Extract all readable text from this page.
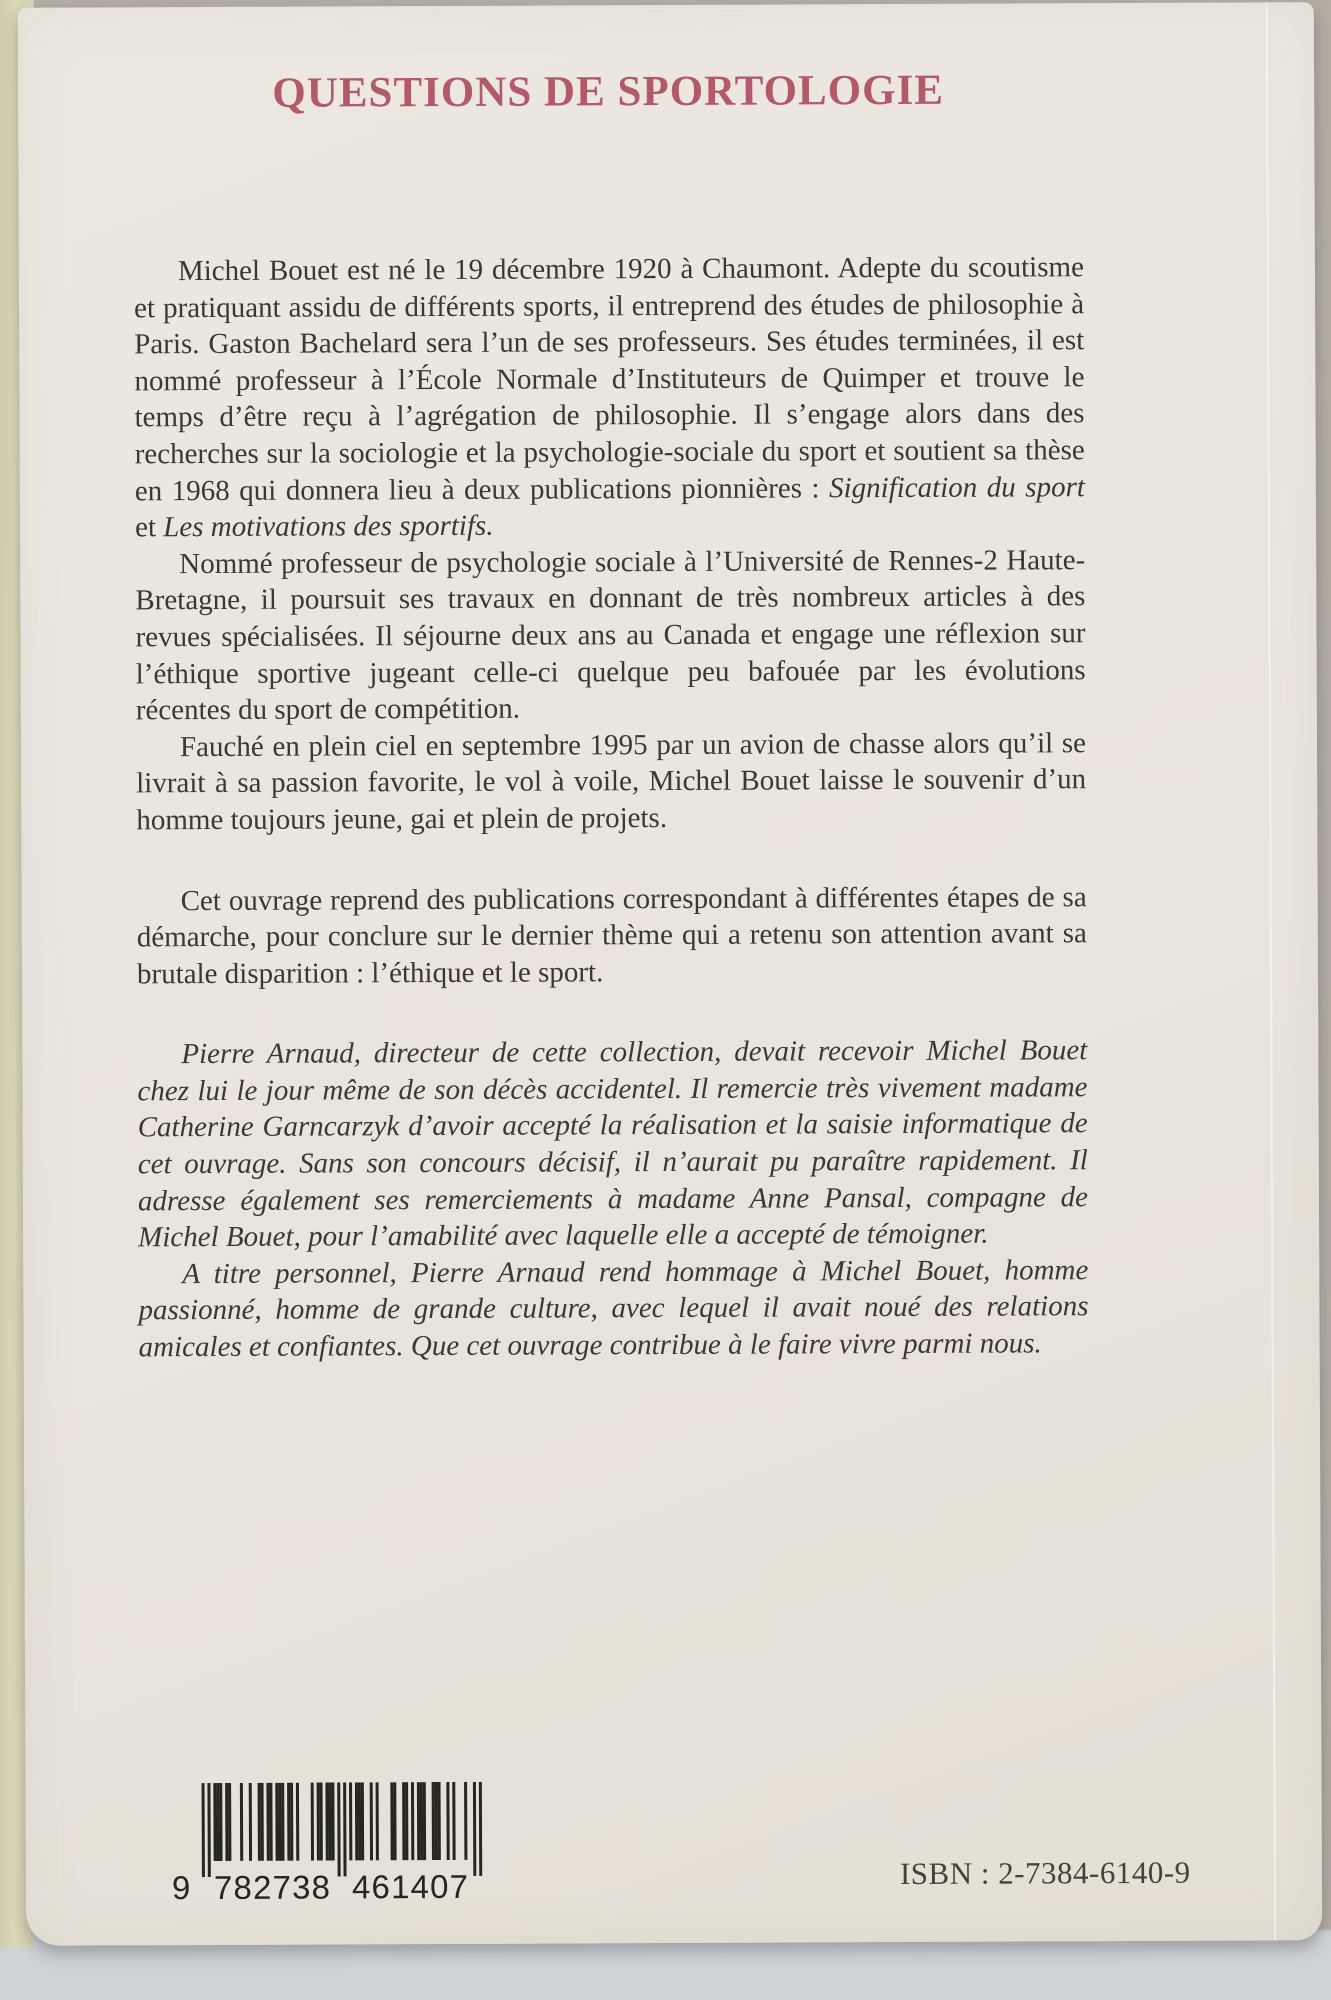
QUESTIONS DE SPORTOLOGIE

Michel Bouet est né le 19 décembre 1920 à Chaumont. Adepte du scoutisme et pratiquant assidu de différents sports, il entreprend des études de philosophie à Paris. Gaston Bachelard sera l’un de ses professeurs. Ses études terminées, il est nommé professeur à l’École Normale d’Instituteurs de Quimper et trouve le temps d’être reçu à l’agrégation de philosophie. Il s’engage alors dans des recherches sur la sociologie et la psychologie-sociale du sport et soutient sa thèse en 1968 qui donnera lieu à deux publications pionnières : Signification du sport et Les motivations des sportifs.

Nommé professeur de psychologie sociale à l’Université de Rennes-2 Haute-Bretagne, il poursuit ses travaux en donnant de très nombreux articles à des revues spécialisées. Il séjourne deux ans au Canada et engage une réflexion sur l’éthique sportive jugeant celle-ci quelque peu bafouée par les évolutions récentes du sport de compétition.

Fauché en plein ciel en septembre 1995 par un avion de chasse alors qu’il se livrait à sa passion favorite, le vol à voile, Michel Bouet laisse le souvenir d’un homme toujours jeune, gai et plein de projets.

Cet ouvrage reprend des publications correspondant à différentes étapes de sa démarche, pour conclure sur le dernier thème qui a retenu son attention avant sa brutale disparition : l’éthique et le sport.

Pierre Arnaud, directeur de cette collection, devait recevoir Michel Bouet chez lui le jour même de son décès accidentel. Il remercie très vivement madame Catherine Garncarzyk d’avoir accepté la réalisation et la saisie informatique de cet ouvrage. Sans son concours décisif, il n’aurait pu paraître rapidement. Il adresse également ses remerciements à madame Anne Pansal, compagne de Michel Bouet, pour l’amabilité avec laquelle elle a accepté de témoigner.

A titre personnel, Pierre Arnaud rend hommage à Michel Bouet, homme passionné, homme de grande culture, avec lequel il avait noué des relations amicales et confiantes. Que cet ouvrage contribue à le faire vivre parmi nous.

9 782738 461407	ISBN : 2-7384-6140-9
